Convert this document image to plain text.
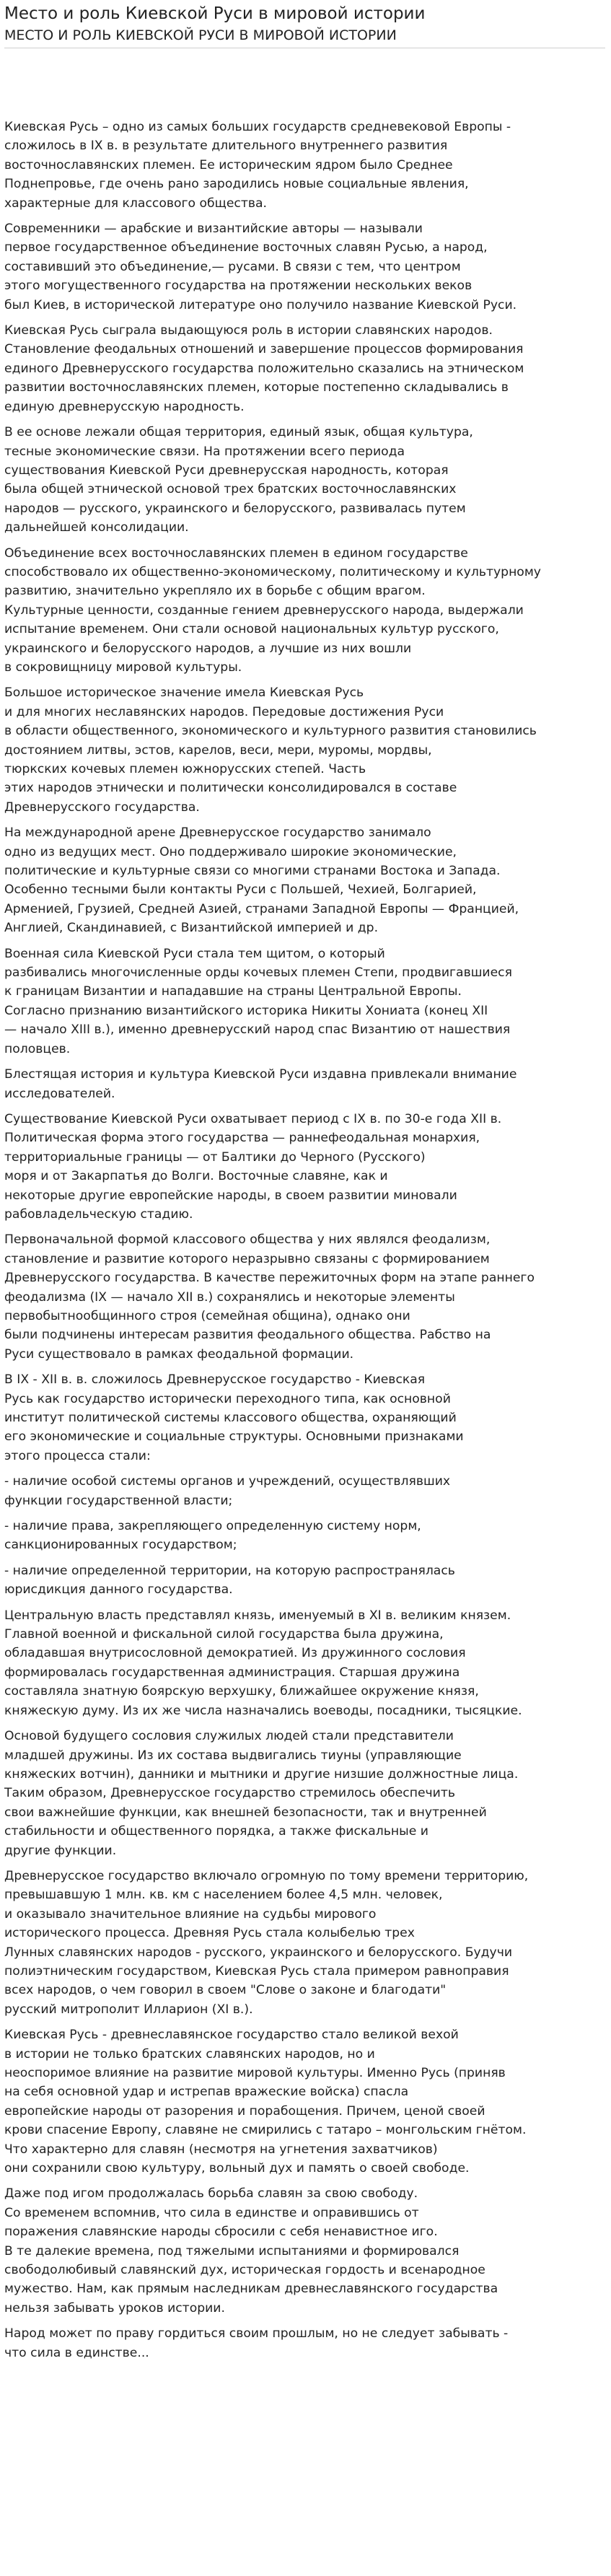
Место и роль Киевской Руси в мировой истории
МЕСТО И РОЛЬ КИЕВСКОЙ РУСИ В МИРОВОЙ ИСТОРИИ

Киевская Русь – одно из самых больших государств средневековой Европы -
сложилось в IX в. в результате длительного внутреннего развития
восточнославянских племен. Ее историческим ядром было Среднее
Поднепровье, где очень рано зародились новые социальные явления,
характерные для классового общества.

Современники — арабские и византийские авторы — называли
первое государственное объединение восточных славян Русью, а народ,
составивший это объединение,— русами. В связи с тем, что центром
этого могущественного государства на протяжении нескольких веков
был Киев, в исторической литературе оно получило название Киевской Руси.

Киевская Русь сыграла выдающуюся роль в истории славянских народов.
Становление феодальных отношений и завершение процессов формирования
единого Древнерусского государства положительно сказались на этническом
развитии восточнославянских племен, которые постепенно складывались в
единую древнерусскую народность.

В ее основе лежали общая территория, единый язык, общая культура,
тесные экономические связи. На протяжении всего периода
существования Киевской Руси древнерусская народность, которая
была общей этнической основой трех братских восточнославянских
народов — русского, украинского и белорусского, развивалась путем
дальнейшей консолидации.

Объединение всех восточнославянских племен в едином государстве
способствовало их общественно-экономическому, политическому и культурному
развитию, значительно укрепляло их в борьбе с общим врагом.
Культурные ценности, созданные гением древнерусского народа, выдержали
испытание временем. Они стали основой национальных культур русского,
украинского и белорусского народов, а лучшие из них вошли
в сокровищницу мировой культуры.

Большое историческое значение имела Киевская Русь
и для многих неславянских народов. Передовые достижения Руси
в области общественного, экономического и культурного развития становились
достоянием литвы, эстов, карелов, веси, мери, муромы, мордвы,
тюркских кочевых племен южнорусских степей. Часть
этих народов этнически и политически консолидировался в составе
Древнерусского государства.

На международной арене Древнерусское государство занимало
одно из ведущих мест. Оно поддерживало широкие экономические,
политические и культурные связи со многими странами Востока и Запада.
Особенно тесными были контакты Руси с Польшей, Чехией, Болгарией,
Арменией, Грузией, Средней Азией, странами Западной Европы — Францией,
Англией, Скандинавией, с Византийской империей и др.

Военная сила Киевской Руси стала тем щитом, о который
разбивались многочисленные орды кочевых племен Степи, продвигавшиеся
к границам Византии и нападавшие на страны Центральной Европы.
Согласно признанию византийского историка Никиты Хониата (конец XII
— начало XIII в.), именно древнерусский народ спас Византию от нашествия
половцев.

Блестящая история и культура Киевской Руси издавна привлекали внимание
исследователей.

Существование Киевской Руси охватывает период с IX в. по 30-е года XII в.
Политическая форма этого государства — раннефеодальная монархия,
территориальные границы — от Балтики до Черного (Русского)
моря и от Закарпатья до Волги. Восточные славяне, как и
некоторые другие европейские народы, в своем развитии миновали
рабовладельческую стадию.

Первоначальной формой классового общества у них являлся феодализм,
становление и развитие которого неразрывно связаны с формированием
Древнерусского государства. В качестве пережиточных форм на этапе раннего
феодализма (IX — начало XII в.) сохранялись и некоторые элементы
первобытнообщинного строя (семейная община), однако они
были подчинены интересам развития феодального общества. Рабство на
Руси существовало в рамках феодальной формации.

В IX - XII в. в. сложилось Древнерусское государство - Киевская
Русь как государство исторически переходного типа, как основной
институт политической системы классового общества, охраняющий
его экономические и социальные структуры. Основными признаками
этого процесса стали:

- наличие особой системы органов и учреждений, осуществлявших
функции государственной власти;

- наличие права, закрепляющего определенную систему норм,
санкционированных государством;

- наличие определенной территории, на которую распространялась
юрисдикция данного государства.

Центральную власть представлял князь, именуемый в XI в. великим князем.
Главной военной и фискальной силой государства была дружина,
обладавшая внутрисословной демократией. Из дружинного сословия
формировалась государственная администрация. Старшая дружина
составляла знатную боярскую верхушку, ближайшее окружение князя,
княжескую думу. Из их же числа назначались воеводы, посадники, тысяцкие.

Основой будущего сословия служилых людей стали представители
младшей дружины. Из их состава выдвигались тиуны (управляющие
княжеских вотчин), данники и мытники и другие низшие должностные лица.
Таким образом, Древнерусское государство стремилось обеспечить
свои важнейшие функции, как внешней безопасности, так и внутренней
стабильности и общественного порядка, а также фискальные и
другие функции.

Древнерусское государство включало огромную по тому времени территорию,
превышавшую 1 млн. кв. км с населением более 4,5 млн. человек,
и оказывало значительное влияние на судьбы мирового
исторического процесса. Древняя Русь стала колыбелью трех
Лунных славянских народов - русского, украинского и белорусского. Будучи
полиэтническим государством, Киевская Русь стала примером равноправия
всех народов, о чем говорил в своем "Слове о законе и благодати"
русский митрополит Илларион (XI в.).

Киевская Русь - древнеславянское государство стало великой вехой
в истории не только братских славянских народов, но и
неоспоримое влияние на развитие мировой культуры. Именно Русь (приняв
на себя основной удар и истрепав вражеские войска) спасла
европейские народы от разорения и порабощения. Причем, ценой своей
крови спасение Европу, славяне не смирились с татаро – монгольским гнётом.
Что характерно для славян (несмотря на угнетения захватчиков)
они сохранили свою культуру, вольный дух и память о своей свободе.

Даже под игом продолжалась борьба славян за свою свободу.
Со временем вспомнив, что сила в единстве и оправившись от
поражения славянские народы сбросили с себя ненавистное иго.
В те далекие времена, под тяжелыми испытаниями и формировался
свободолюбивый славянский дух, историческая гордость и всенародное
мужество. Нам, как прямым наследникам древнеславянского государства
нельзя забывать уроков истории.

Народ может по праву гордиться своим прошлым, но не следует забывать -
что сила в единстве...
